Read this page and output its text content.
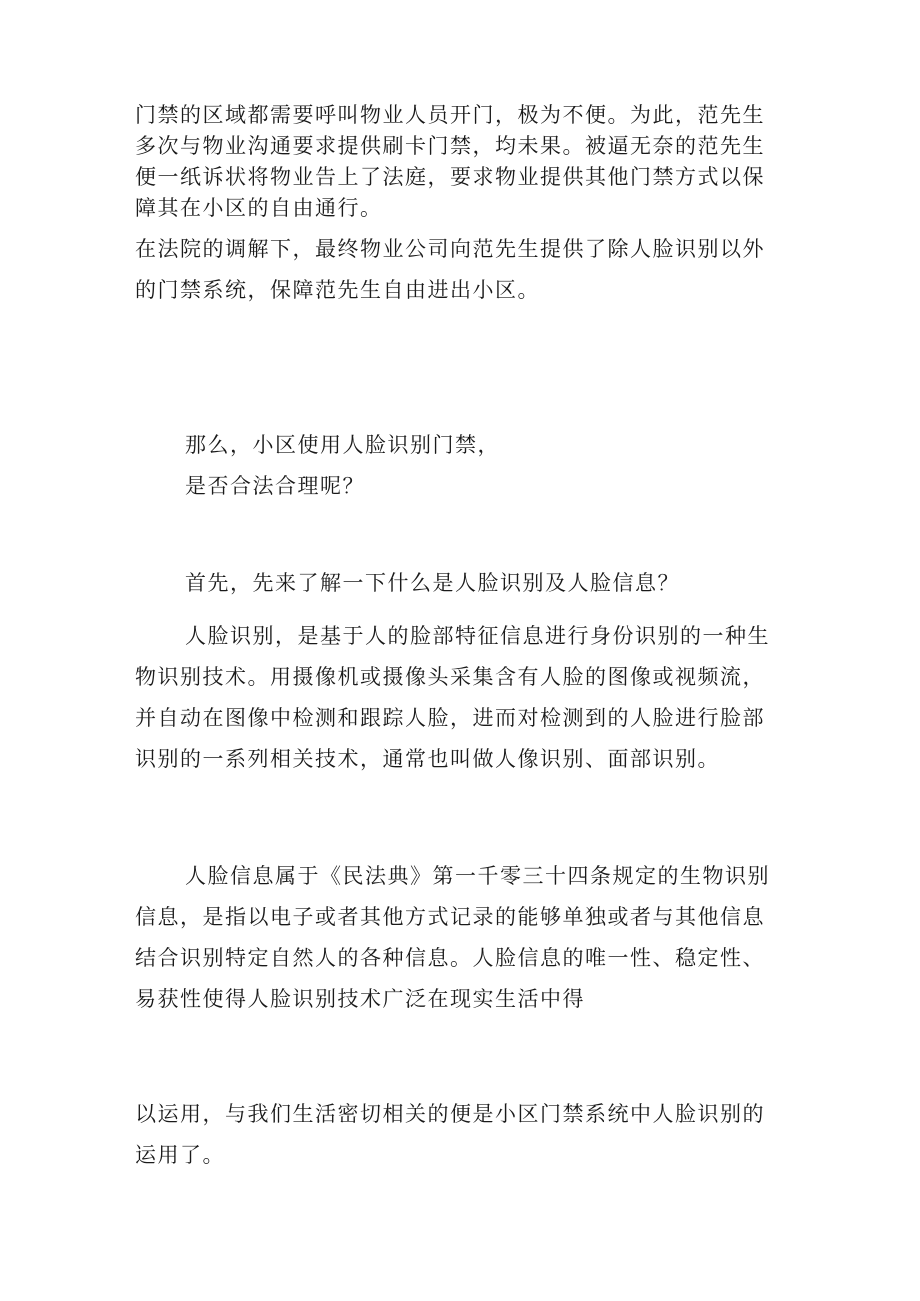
门禁的区域都需要呼叫物业人员开门，极为不便。为此，范先生
多次与物业沟通要求提供刷卡门禁，均未果。被逼无奈的范先生
便一纸诉状将物业告上了法庭，要求物业提供其他门禁方式以保
障其在小区的自由通行。
在法院的调解下，最终物业公司向范先生提供了除人脸识别以外
的门禁系统，保障范先生自由进出小区。
那么，小区使用人脸识别门禁，
是否合法合理呢？
首先，先来了解一下什么是人脸识别及人脸信息？
人脸识别，是基于人的脸部特征信息进行身份识别的一种生
物识别技术。用摄像机或摄像头采集含有人脸的图像或视频流，
并自动在图像中检测和跟踪人脸，进而对检测到的人脸进行脸部
识别的一系列相关技术，通常也叫做人像识别、面部识别。
人脸信息属于《民法典》第一千零三十四条规定的生物识别
信息，是指以电子或者其他方式记录的能够单独或者与其他信息
结合识别特定自然人的各种信息。人脸信息的唯一性、稳定性、
易获性使得人脸识别技术广泛在现实生活中得
以运用，与我们生活密切相关的便是小区门禁系统中人脸识别的
运用了。
